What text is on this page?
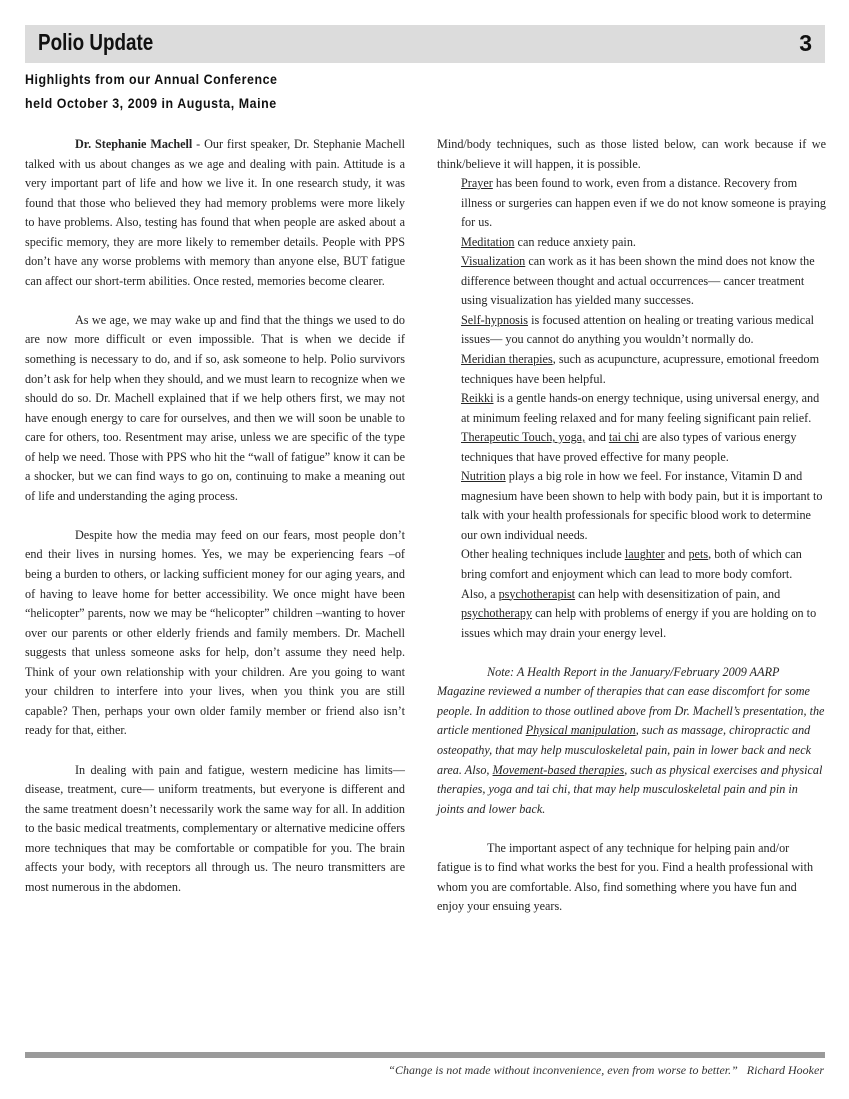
Polio Update	3
Highlights from our Annual Conference
held October 3, 2009 in Augusta, Maine

Dr. Stephanie Machell - Our first speaker, Dr. Stephanie Machell talked with us about changes as we age and dealing with pain. Attitude is a very important part of life and how we live it. In one research study, it was found that those who believed they had memory problems were more likely to have problems. Also, testing has found that when people are asked about a specific memory, they are more likely to remember details. People with PPS don’t have any worse problems with memory than anyone else, BUT fatigue can affect our short-term abilities. Once rested, memories become clearer.

As we age, we may wake up and find that the things we used to do are now more difficult or even impossible. That is when we decide if something is necessary to do, and if so, ask someone to help. Polio survivors don’t ask for help when they should, and we must learn to recognize when we should do so. Dr. Machell explained that if we help others first, we may not have enough energy to care for ourselves, and then we will soon be unable to care for others, too. Resentment may arise, unless we are specific of the type of help we need. Those with PPS who hit the “wall of fatigue” know it can be a shocker, but we can find ways to go on, continuing to make a meaning out of life and understanding the aging process.

Despite how the media may feed on our fears, most people don’t end their lives in nursing homes. Yes, we may be experiencing fears –of being a burden to others, or lacking sufficient money for our aging years, and of having to leave home for better accessibility. We once might have been “helicopter” parents, now we may be “helicopter” children –wanting to hover over our parents or other elderly friends and family members. Dr. Machell suggests that unless someone asks for help, don’t assume they need help. Think of your own relationship with your children. Are you going to want your children to interfere into your lives, when you think you are still capable? Then, perhaps your own older family member or friend also isn’t ready for that, either.

In dealing with pain and fatigue, western medicine has limits— disease, treatment, cure— uniform treatments, but everyone is different and the same treatment doesn’t necessarily work the same way for all. In addition to the basic medical treatments, complementary or alternative medicine offers more techniques that may be comfortable or compatible for you. The brain affects your body, with receptors all through us. The neuro transmitters are most numerous in the abdomen.

Mind/body techniques, such as those listed below, can work because if we think/believe it will happen, it is possible.

Prayer has been found to work, even from a distance. Recovery from illness or surgeries can happen even if we do not know someone is praying for us.

Meditation can reduce anxiety pain.

Visualization can work as it has been shown the mind does not know the difference between thought and actual occurrences— cancer treatment using visualization has yielded many successes.

Self-hypnosis is focused attention on healing or treating various medical issues— you cannot do anything you wouldn’t normally do.

Meridian therapies, such as acupuncture, acupressure, emotional freedom techniques have been helpful.

Reikki is a gentle hands-on energy technique, using universal energy, and at minimum feeling relaxed and for many feeling significant pain relief.

Therapeutic Touch, yoga, and tai chi are also types of various energy techniques that have proved effective for many people.

Nutrition plays a big role in how we feel. For instance, Vitamin D and magnesium have been shown to help with body pain, but it is important to talk with your health professionals for specific blood work to determine our own individual needs.

Other healing techniques include laughter and pets, both of which can bring comfort and enjoyment which can lead to more body comfort.

Also, a psychotherapist can help with desensitization of pain, and psychotherapy can help with problems of energy if you are holding on to issues which may drain your energy level.

Note: A Health Report in the January/February 2009 AARP Magazine reviewed a number of therapies that can ease discomfort for some people. In addition to those outlined above from Dr. Machell’s presentation, the article mentioned Physical manipulation, such as massage, chiropractic and osteopathy, that may help musculoskeletal pain, pain in lower back and neck area. Also, Movement-based therapies, such as physical exercises and physical therapies, yoga and tai chi, that may help musculoskeletal pain and pin in joints and lower back.

The important aspect of any technique for helping pain and/or fatigue is to find what works the best for you. Find a health professional with whom you are comfortable. Also, find something where you have fun and enjoy your ensuing years.

“Change is not made without inconvenience, even from worse to better.” Richard Hooker
